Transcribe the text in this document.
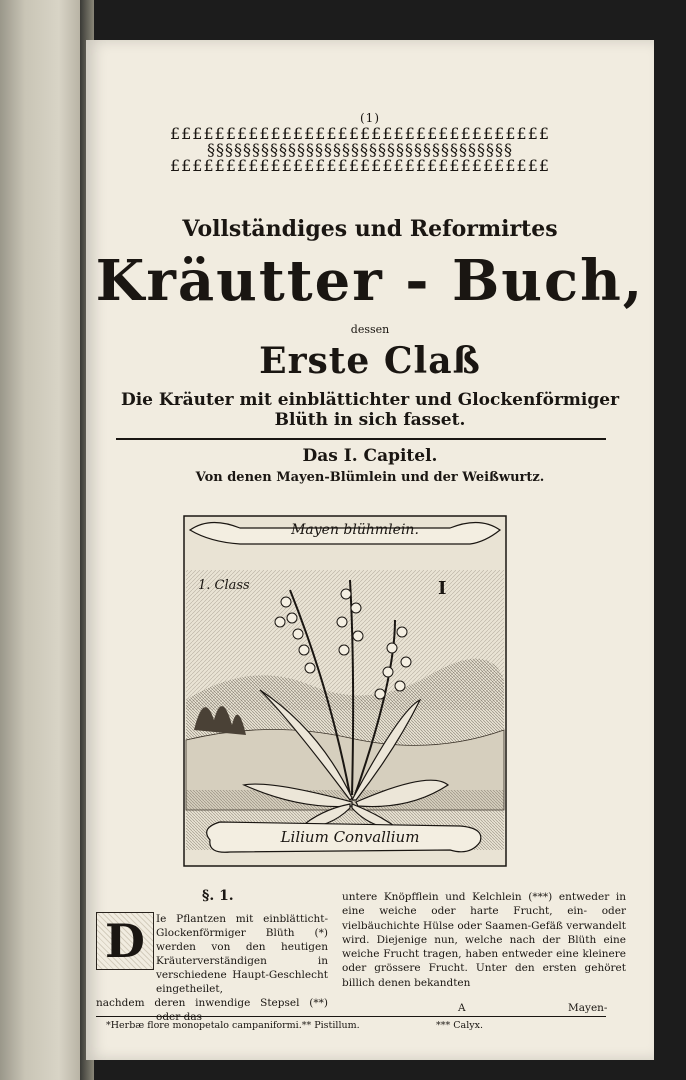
(1)
££££££££££££££££££££££££££££££££££
§§§§§§§§§§§§§§§§§§§§§§§§§§§§§§§§§§
££££££££££££££££££££££££££££££££££
Vollständiges und Reformirtes
Kräutter - Buch,
dessen
Erste Claß
Die Kräuter mit einblättichter und Glockenförmiger
Blüth in sich fasset.
Das I. Capitel.
Von denen Mayen-Blümlein und der Weißwurtz.
Mayen blühmlein.
1. Class	I
Lilium Convallium
§. 1.
D	Ie Pflantzen mit einblätticht-Glockenförmiger Blüth (*) werden von den heutigen Kräuterverständigen in verschiedene Haupt-Geschlecht eingetheilet,
nachdem deren inwendige Stepsel (**) oder das
untere Knöpfflein und Kelchlein (***) entweder in eine weiche oder harte Frucht, ein- oder vielbäuchichte Hülse oder Saamen-Gefäß verwandelt wird. Diejenige nun, welche nach der Blüth eine weiche Frucht tragen, haben entweder eine kleinere oder grössere Frucht. Unter den ersten gehöret billich denen bekandten
A	Mayen-
*Herbæ flore monopetalo campaniformi.** Pistillum.	*** Calyx.
